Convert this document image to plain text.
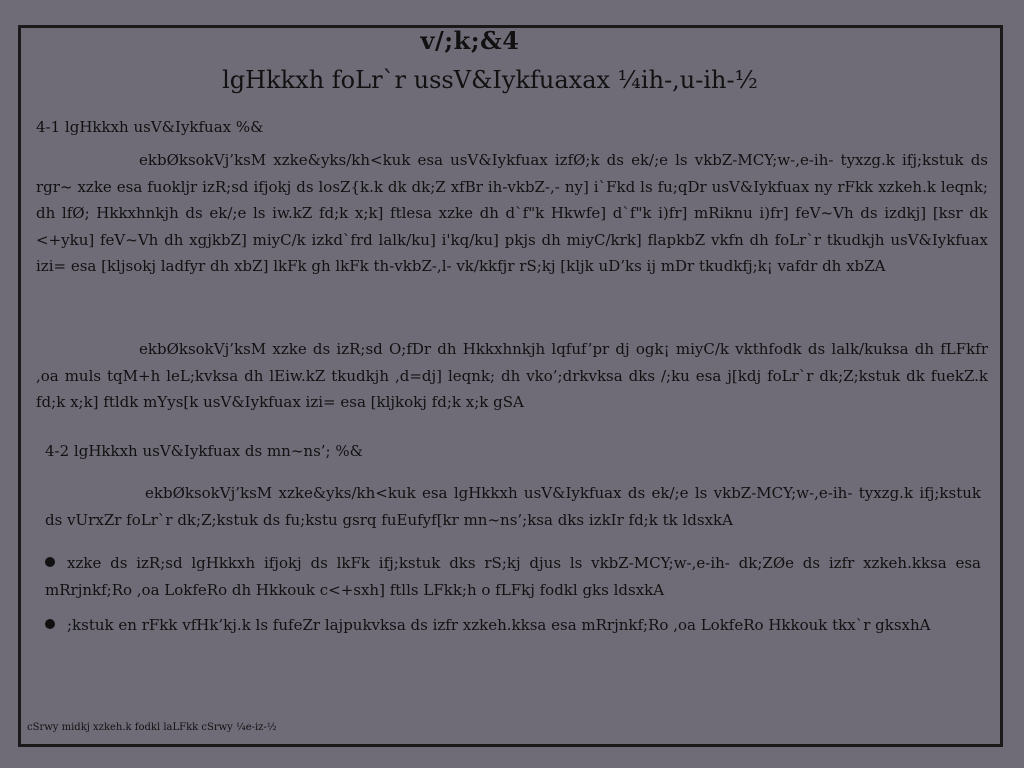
v/;k;&4
lgHkkxh foLr`r ussV&Iykfuaxax ¼ih-,u-ih-½
4-1 lgHkkxh usV&Iykfuax %&
ekbØksokVj’ksM xzke&yks/kh<kuk esa usV&Iykfuax izfØ;k ds ek/;e ls vkbZ-MCY;w-,e-ih- tyxzg.k ifj;kstuk ds rgr~ xzke esa fuokljr izR;sd ifjokj ds losZ{k.k dk dk;Z xfBr ih-vkbZ-,- ny] i`Fkd ls fu;qDr usV&Iykfuax ny rFkk xzkeh.k leqnk; dh lfØ; Hkkxhnkjh ds ek/;e ls iw.kZ fd;k x;k] ftlesa xzke dh d`f"k Hkwfe] d`f"k i)fr] mRiknu i)fr] feV~Vh ds izdkj] [ksr dk <+yku] feV~Vh dh xgjkbZ] miyC/k izkd`frd lalk/ku] i'kq/ku] pkjs dh miyC/krk] flapkbZ vkfn dh foLr`r tkudkjh usV&Iykfuax izi= esa [kljsokj ladfyr dh xbZ] lkFk gh lkFk th-vkbZ-,l- vk/kkfjr rS;kj [kljk uD’ks ij mDr tkudkfj;k¡ vafdr dh xbZA
ekbØksokVj’ksM xzke ds izR;sd O;fDr dh Hkkxhnkjh lqfuf’pr dj ogk¡ miyC/k vkthfodk ds lalk/kuksa dh fLFkfr ,oa muls tqM+h leL;kvksa dh lEiw.kZ tkudkjh ,d=dj] leqnk; dh vko’;drkvksa dks /;ku esa j[kdj foLr`r dk;Z;kstuk dk fuekZ.k fd;k x;k] ftldk mYys[k usV&Iykfuax izi= esa [kljkokj fd;k x;k gSA
4-2 lgHkkxh usV&Iykfuax ds mn~ns’; %&
ekbØksokVj’ksM xzke&yks/kh<kuk esa lgHkkxh usV&Iykfuax ds ek/;e ls vkbZ-MCY;w-,e-ih- tyxzg.k ifj;kstuk ds vUrxZr foLr`r dk;Z;kstuk ds fu;kstu gsrq fuEufyf[kr mn~ns’;ksa dks izkIr fd;k tk ldsxkA
xzke ds izR;sd lgHkkxh ifjokj ds lkFk ifj;kstuk dks rS;kj djus ls vkbZ-MCY;w-,e-ih- dk;ZØe ds izfr xzkeh.kksa esa mRrjnkf;Ro ,oa LokfeRo dh Hkkouk c<+sxh] ftlls LFkk;h o fLFkj fodkl gks ldsxkA
;kstuk en rFkk vfHk’kj.k ls fufeZr lajpukvksa ds izfr xzkeh.kksa esa mRrjnkf;Ro ,oa LokfeRo Hkkouk tkx`r gksxhA
cSrwy midkj xzkeh.k fodkl laLFkk cSrwy ¼e-iz-½
